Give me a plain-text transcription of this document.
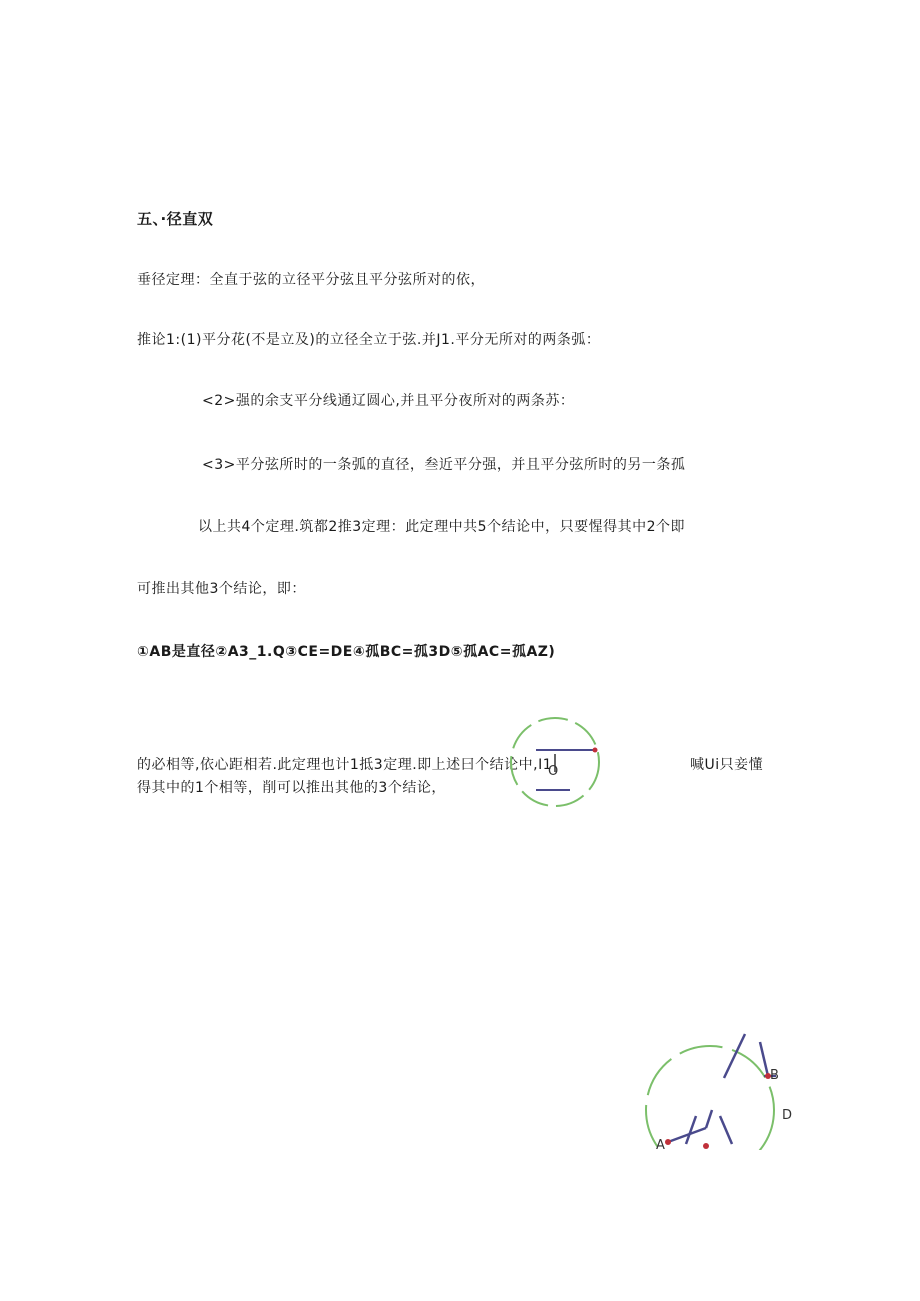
五、·径直双
垂径定理：全直于弦的立径平分弦且平分弦所对的依，
推论1:(1)平分花(不是立及)的立径全立于弦.并J1.平分无所对的两条弧：
<2>强的余支平分线通辽圆心,并且平分夜所对的两条苏：
<3>平分弦所时的一条弧的直径，叁近平分强，并且平分弦所时的另一条孤
以上共4个定理.筑都2推3定理：此定理中共5个结论中，只要惺得其中2个即
可推出其他3个结论，即：
①AB是直径②A3_1.Q③CE=DE④孤BC=孤3D⑤孤AC=孤AZ)
的必相等,依心距相若.此定理也计1抵3定理.即上述曰个结论中,I1	喊Ui只妾懂
得其中的1个相等，削可以推出其他的3个结论，
O
B
D
A
